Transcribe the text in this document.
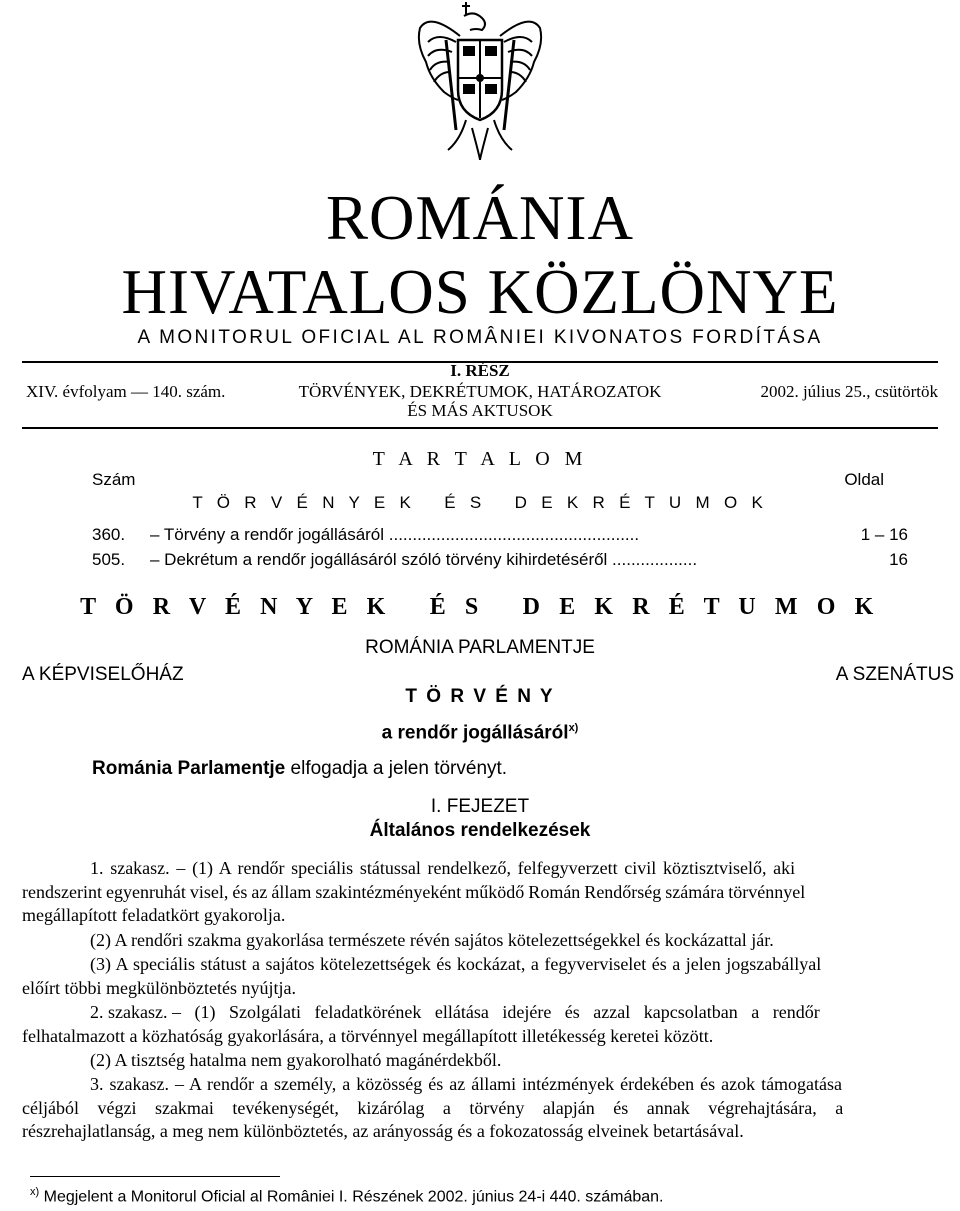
ROMÁNIA
HIVATALOS KÖZLÖNYE
A MONITORUL OFICIAL AL ROMÂNIEI KIVONATOS FORDÍTÁSA
XIV. évfolyam — 140. szám.
I. RÉSZ
TÖRVÉNYEK, DEKRÉTUMOK, HATÁROZATOK
ÉS MÁS AKTUSOK
2002. július 25., csütörtök
T A R T A L O M
Szám	Oldal
T Ö R V É N Y E K   É S   D E K R É T U M O K
360. – Törvény a rendőr jogállásáról .....................................................	1 – 16
505. – Dekrétum a rendőr jogállásáról szóló törvény kihirdetéséről ..................	16
T Ö R V É N Y E K   É S   D E K R É T U M O K
ROMÁNIA PARLAMENTJE
A KÉPVISELŐHÁZ	A SZENÁTUS
T Ö R V É N Y
a rendőr jogállásáról$^{x)}$
Románia Parlamentje elfogadja a jelen törvényt.
I. FEJEZET
Általános rendelkezések
1. szakasz. – (1) A rendőr speciális státussal rendelkező, felfegyverzett civil köztisztviselő, aki
rendszerint egyenruhát visel, és az állam szakintézményeként működő Román Rendőrség számára törvénnyel
megállapított feladatkört gyakorolja.
(2) A rendőri szakma gyakorlása természete révén sajátos kötelezettségekkel és kockázattal jár.
(3) A speciális státust a sajátos kötelezettségek és kockázat, a fegyverviselet és a jelen jogszabállyal
előírt többi megkülönböztetés nyújtja.
2. szakasz. – (1) Szolgálati feladatkörének ellátása idejére és azzal kapcsolatban a rendőr
felhatalmazott a közhatóság gyakorlására, a törvénnyel megállapított illetékesség keretei között.
(2) A tisztség hatalma nem gyakorolható magánérdekből.
3. szakasz. – A rendőr a személy, a közösség és az állami intézmények érdekében és azok támogatása
céljából végzi szakmai tevékenységét, kizárólag a törvény alapján és annak végrehajtására, a
részrehajlatlanság, a meg nem különböztetés, az arányosság és a fokozatosság elveinek betartásával.
$^{x)}$ Megjelent a Monitorul Oficial al României I. Részének 2002. június 24-i 440. számában.
